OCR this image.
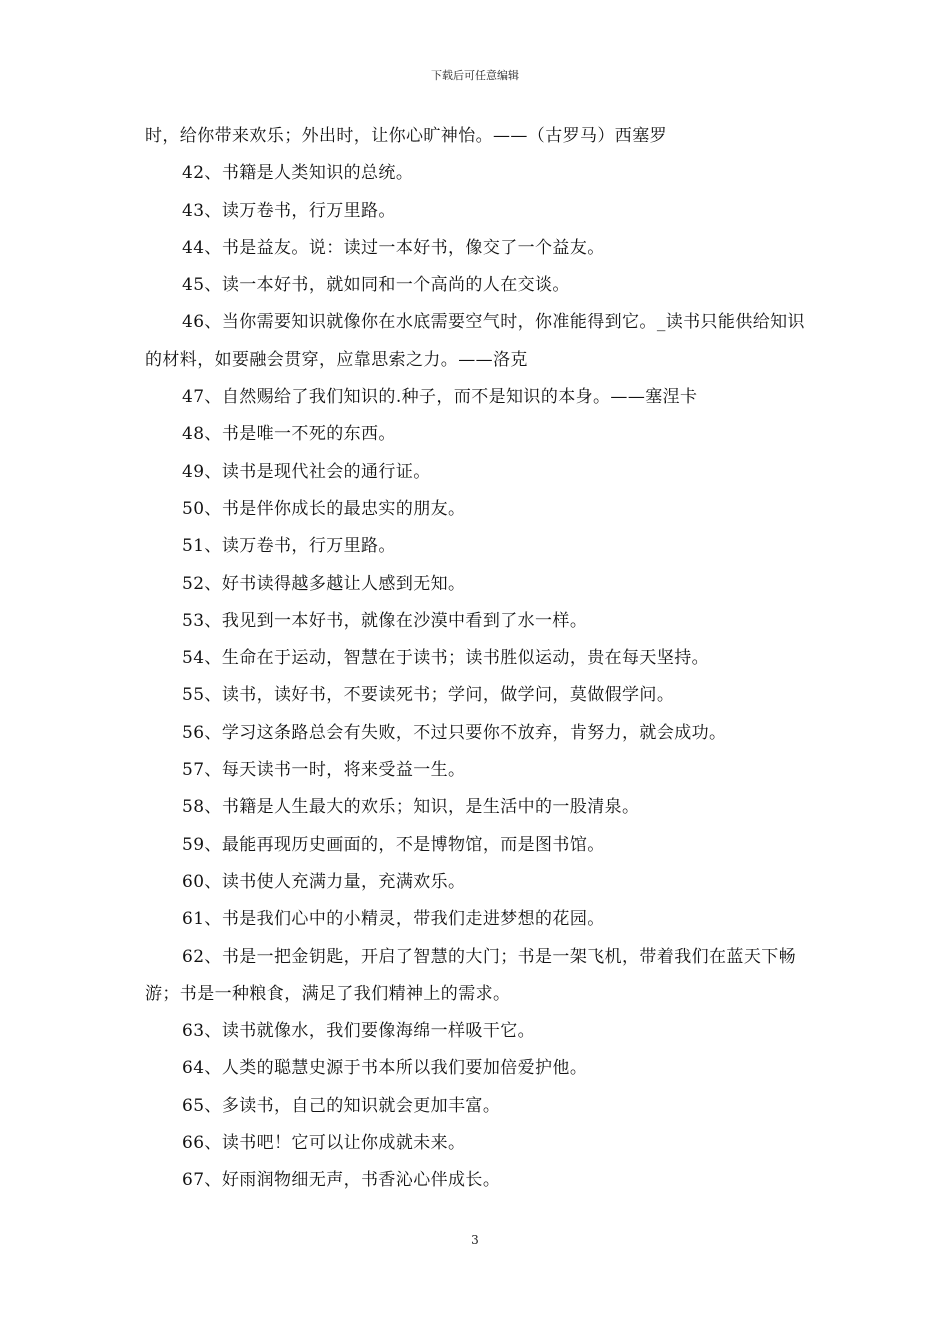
下载后可任意编辑

时，给你带来欢乐；外出时，让你心旷神怡。——（古罗马）西塞罗

42、书籍是人类知识的总统。

43、读万卷书，行万里路。

44、书是益友。说：读过一本好书，像交了一个益友。

45、读一本好书，就如同和一个高尚的人在交谈。

46、当你需要知识就像你在水底需要空气时，你准能得到它。_读书只能供给知识的材料，如要融会贯穿，应靠思索之力。——洛克

47、自然赐给了我们知识的.种子，而不是知识的本身。——塞涅卡

48、书是唯一不死的东西。

49、读书是现代社会的通行证。

50、书是伴你成长的最忠实的朋友。

51、读万卷书，行万里路。

52、好书读得越多越让人感到无知。

53、我见到一本好书，就像在沙漠中看到了水一样。

54、生命在于运动，智慧在于读书；读书胜似运动，贵在每天坚持。

55、读书，读好书，不要读死书；学问，做学问，莫做假学问。

56、学习这条路总会有失败，不过只要你不放弃，肯努力，就会成功。

57、每天读书一时，将来受益一生。

58、书籍是人生最大的欢乐；知识，是生活中的一股清泉。

59、最能再现历史画面的，不是博物馆，而是图书馆。

60、读书使人充满力量，充满欢乐。

61、书是我们心中的小精灵，带我们走进梦想的花园。

62、书是一把金钥匙，开启了智慧的大门；书是一架飞机，带着我们在蓝天下畅游；书是一种粮食，满足了我们精神上的需求。

63、读书就像水，我们要像海绵一样吸干它。

64、人类的聪慧史源于书本所以我们要加倍爱护他。

65、多读书，自己的知识就会更加丰富。

66、读书吧！它可以让你成就未来。

67、好雨润物细无声，书香沁心伴成长。

3
